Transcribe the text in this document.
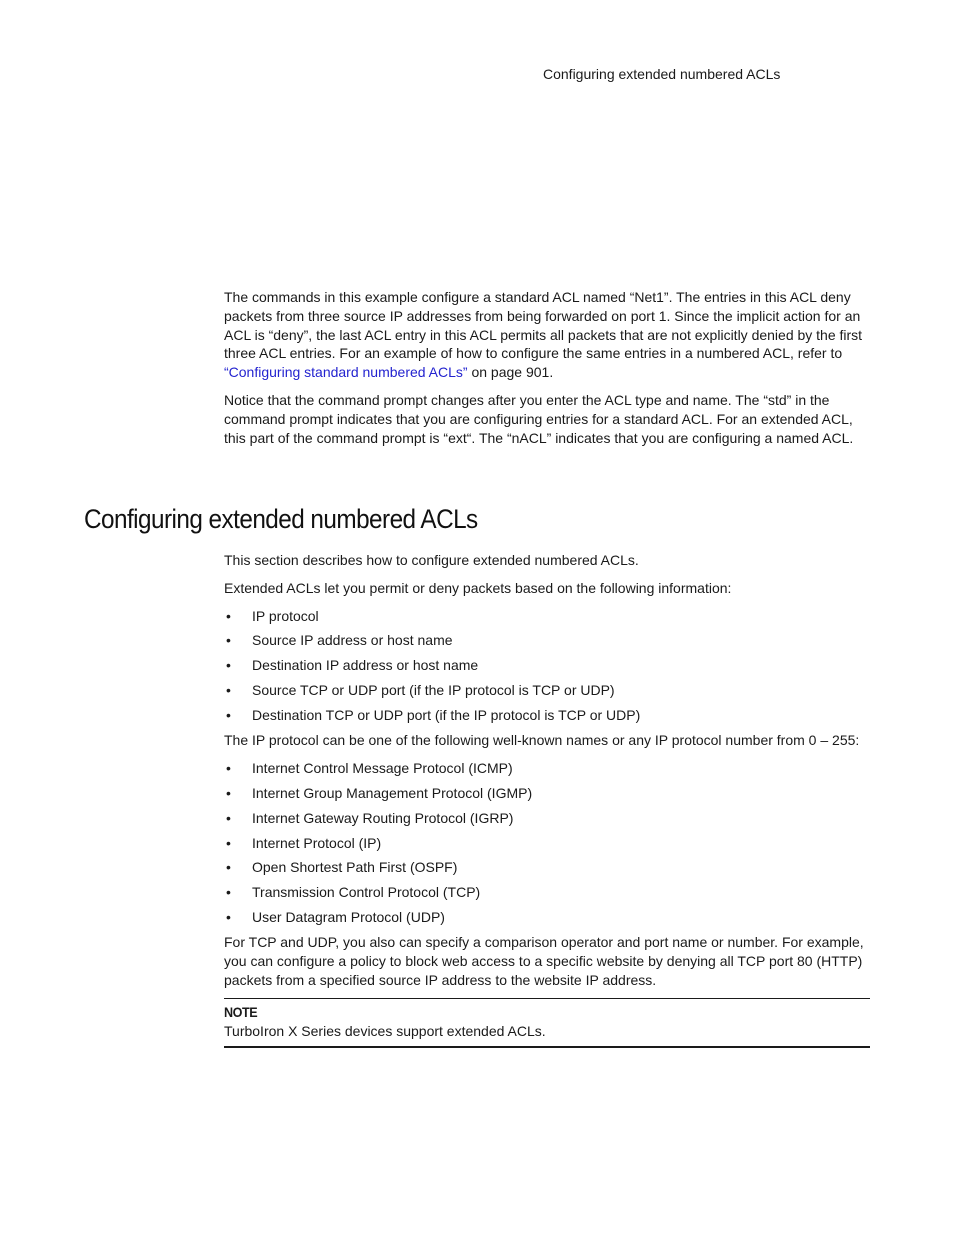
Configuring extended numbered ACLs

The commands in this example configure a standard ACL named “Net1”. The entries in this ACL deny packets from three source IP addresses from being forwarded on port 1. Since the implicit action for an ACL is “deny”, the last ACL entry in this ACL permits all packets that are not explicitly denied by the first three ACL entries. For an example of how to configure the same entries in a numbered ACL, refer to “Configuring standard numbered ACLs” on page 901.

Notice that the command prompt changes after you enter the ACL type and name. The “std” in the command prompt indicates that you are configuring entries for a standard ACL. For an extended ACL, this part of the command prompt is “ext“. The “nACL” indicates that you are configuring a named ACL.

Configuring extended numbered ACLs

This section describes how to configure extended numbered ACLs.

Extended ACLs let you permit or deny packets based on the following information:

• IP protocol
• Source IP address or host name
• Destination IP address or host name
• Source TCP or UDP port (if the IP protocol is TCP or UDP)
• Destination TCP or UDP port (if the IP protocol is TCP or UDP)

The IP protocol can be one of the following well-known names or any IP protocol number from 0 – 255:

• Internet Control Message Protocol (ICMP)
• Internet Group Management Protocol (IGMP)
• Internet Gateway Routing Protocol (IGRP)
• Internet Protocol (IP)
• Open Shortest Path First (OSPF)
• Transmission Control Protocol (TCP)
• User Datagram Protocol (UDP)

For TCP and UDP, you also can specify a comparison operator and port name or number. For example, you can configure a policy to block web access to a specific website by denying all TCP port 80 (HTTP) packets from a specified source IP address to the website IP address.

NOTE
TurboIron X Series devices support extended ACLs.
